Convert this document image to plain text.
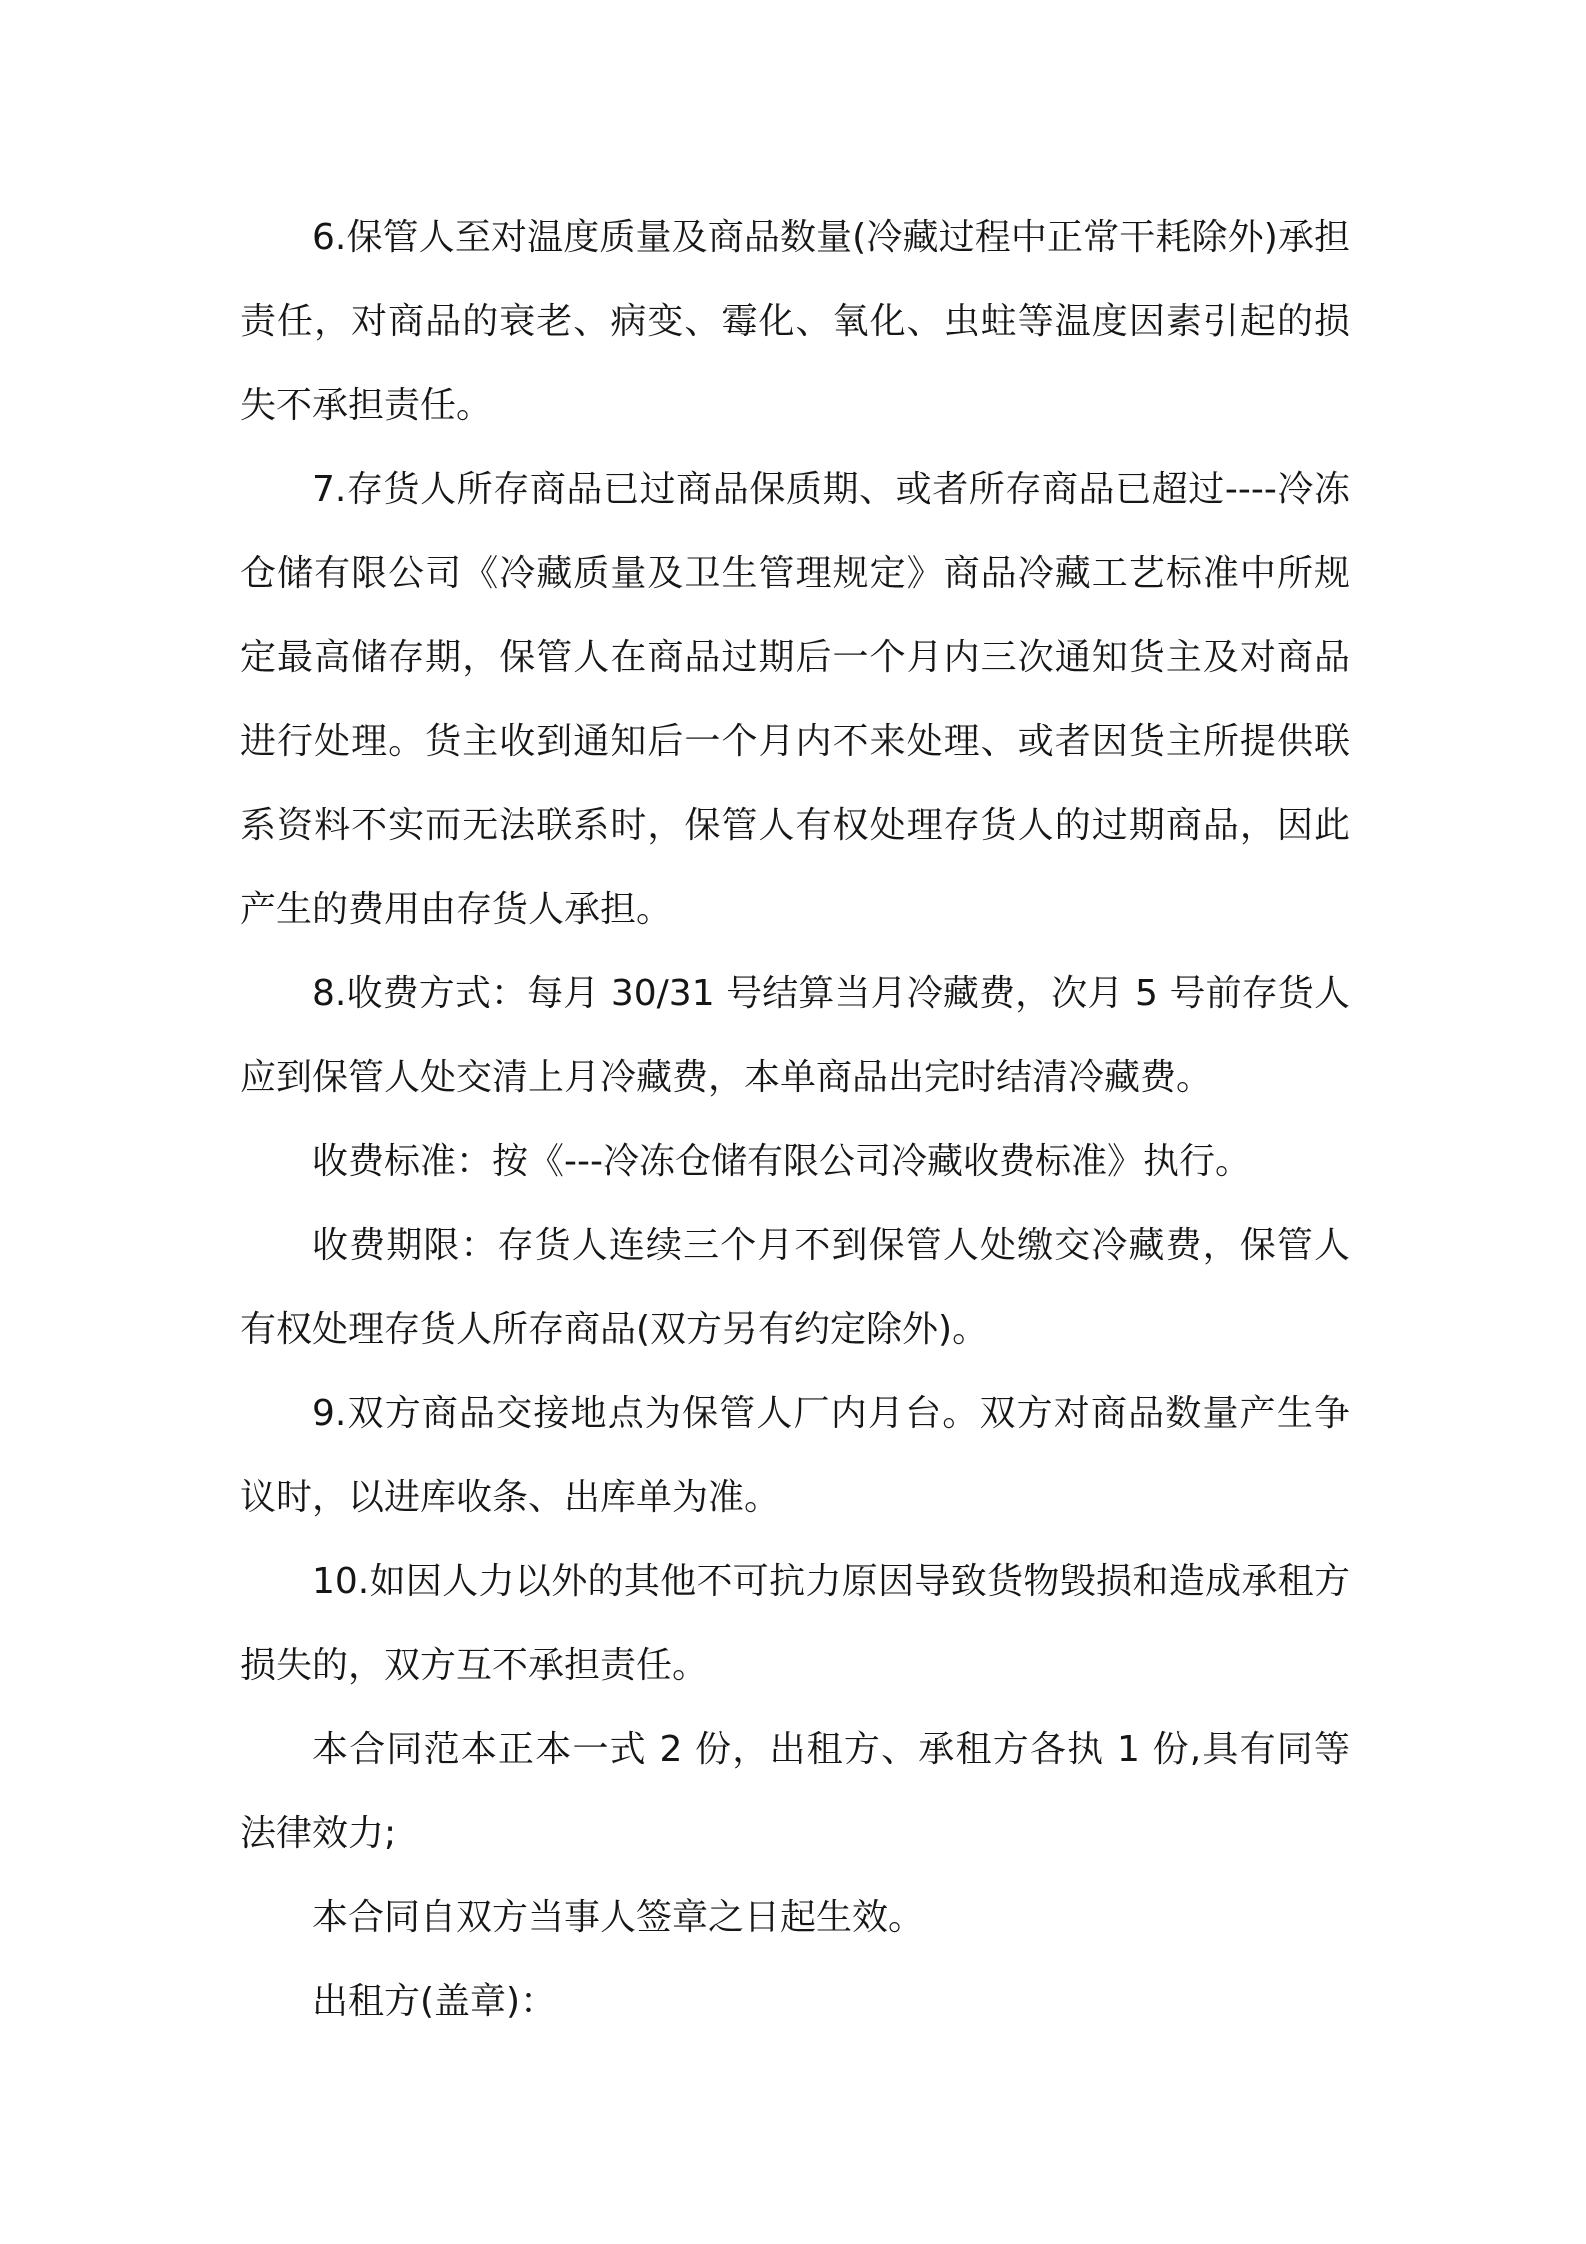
6.保管人至对温度质量及商品数量(冷藏过程中正常干耗除外)承担责任，对商品的衰老、病变、霉化、氧化、虫蛀等温度因素引起的损失不承担责任。

7.存货人所存商品已过商品保质期、或者所存商品已超过----冷冻仓储有限公司《冷藏质量及卫生管理规定》商品冷藏工艺标准中所规定最高储存期，保管人在商品过期后一个月内三次通知货主及对商品进行处理。货主收到通知后一个月内不来处理、或者因货主所提供联系资料不实而无法联系时，保管人有权处理存货人的过期商品，因此产生的费用由存货人承担。

8.收费方式：每月 30/31 号结算当月冷藏费，次月 5 号前存货人应到保管人处交清上月冷藏费，本单商品出完时结清冷藏费。

收费标准：按《---冷冻仓储有限公司冷藏收费标准》执行。

收费期限：存货人连续三个月不到保管人处缴交冷藏费，保管人有权处理存货人所存商品(双方另有约定除外)。

9.双方商品交接地点为保管人厂内月台。双方对商品数量产生争议时，以进库收条、出库单为准。

10.如因人力以外的其他不可抗力原因导致货物毁损和造成承租方损失的，双方互不承担责任。

本合同范本正本一式 2 份，出租方、承租方各执 1 份,具有同等法律效力;

本合同自双方当事人签章之日起生效。

出租方(盖章)：
